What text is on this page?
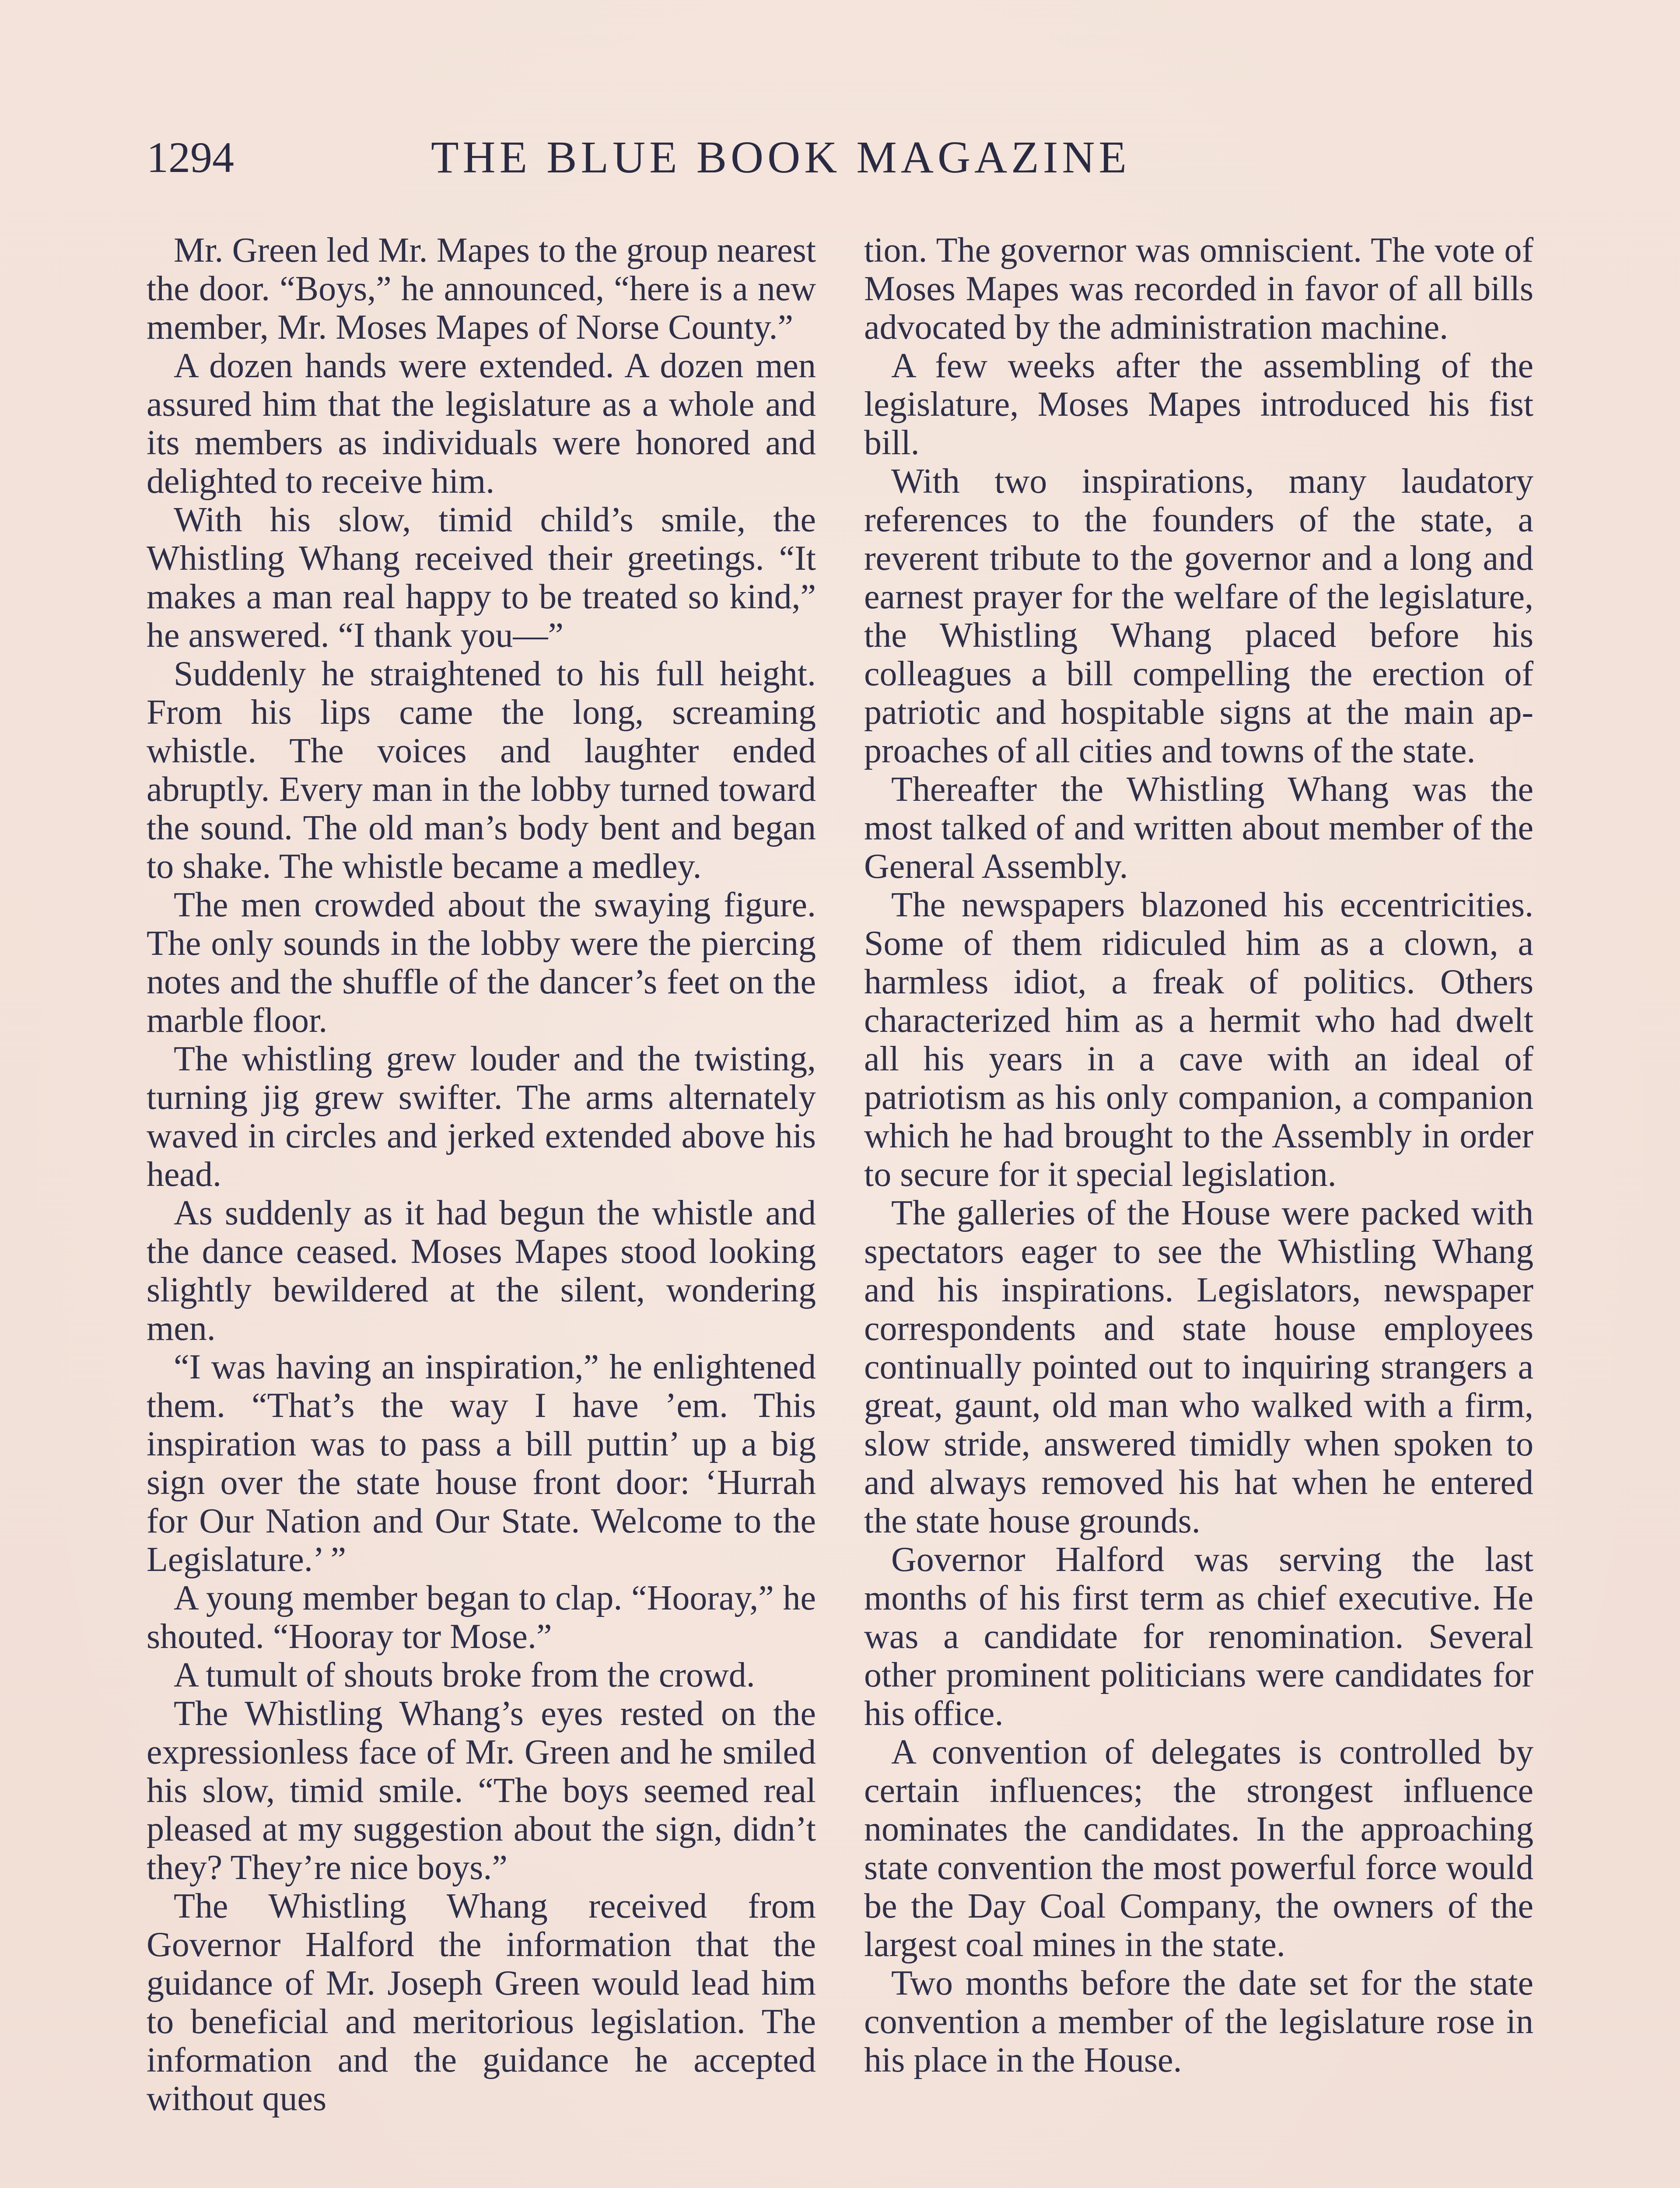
1294	THE BLUE BOOK MAGAZINE

Mr. Green led Mr. Mapes to the group nearest the door. “Boys,” he announced, “here is a new member, Mr. Moses Mapes of Norse County.”

A dozen hands were extended. A dozen men assured him that the legislature as a whole and its members as individuals were honored and delighted to receive him.

With his slow, timid child’s smile, the Whistling Whang received their greetings. “It makes a man real happy to be treated so kind,” he answered. “I thank you—”

Suddenly he straightened to his full height. From his lips came the long, screaming whistle. The voices and laughter ended abruptly. Every man in the lobby turned toward the sound. The old man’s body bent and began to shake. The whistle became a medley.

The men crowded about the swaying figure. The only sounds in the lobby were the piercing notes and the shuffle of the dancer’s feet on the marble floor.

The whistling grew louder and the twisting, turning jig grew swifter. The arms alternately waved in circles and jerked extended above his head.

As suddenly as it had begun the whistle and the dance ceased. Moses Mapes stood looking slightly bewildered at the silent, wondering men.

“I was having an inspiration,” he enlightened them. “That’s the way I have ’em. This inspiration was to pass a bill puttin’ up a big sign over the state house front door: ‘Hurrah for Our Nation and Our State. Welcome to the Legislature.’ ”

A young member began to clap. “Hooray,” he shouted. “Hooray tor Mose.”

A tumult of shouts broke from the crowd.

The Whistling Whang’s eyes rested on the expressionless face of Mr. Green and he smiled his slow, timid smile. “The boys seemed real pleased at my suggestion about the sign, didn’t they? They’re nice boys.”

The Whistling Whang received from Governor Halford the information that the guidance of Mr. Joseph Green would lead him to beneficial and meritorious legislation. The information and the guidance he accepted without ques

tion. The governor was omniscient. The vote of Moses Mapes was recorded in favor of all bills advocated by the administration machine.

A few weeks after the assembling of the legislature, Moses Mapes introduced his fist bill.

With two inspirations, many laudatory references to the founders of the state, a reverent tribute to the governor and a long and earnest prayer for the welfare of the legislature, the Whistling Whang placed before his colleagues a bill compelling the erection of patriotic and hospitable signs at the main approaches of all cities and towns of the state.

Thereafter the Whistling Whang was the most talked of and written about member of the General Assembly.

The newspapers blazoned his eccentricities. Some of them ridiculed him as a clown, a harmless idiot, a freak of politics. Others characterized him as a hermit who had dwelt all his years in a cave with an ideal of patriotism as his only companion, a companion which he had brought to the Assembly in order to secure for it special legislation.

The galleries of the House were packed with spectators eager to see the Whistling Whang and his inspirations. Legislators, newspaper correspondents and state house employees continually pointed out to inquiring strangers a great, gaunt, old man who walked with a firm, slow stride, answered timidly when spoken to and always removed his hat when he entered the state house grounds.

Governor Halford was serving the last months of his first term as chief executive. He was a candidate for renomination. Several other prominent politicians were candidates for his office.

A convention of delegates is controlled by certain influences; the strongest influence nominates the candidates. In the approaching state convention the most powerful force would be the Day Coal Company, the owners of the largest coal mines in the state.

Two months before the date set for the state convention a member of the legislature rose in his place in the House.
